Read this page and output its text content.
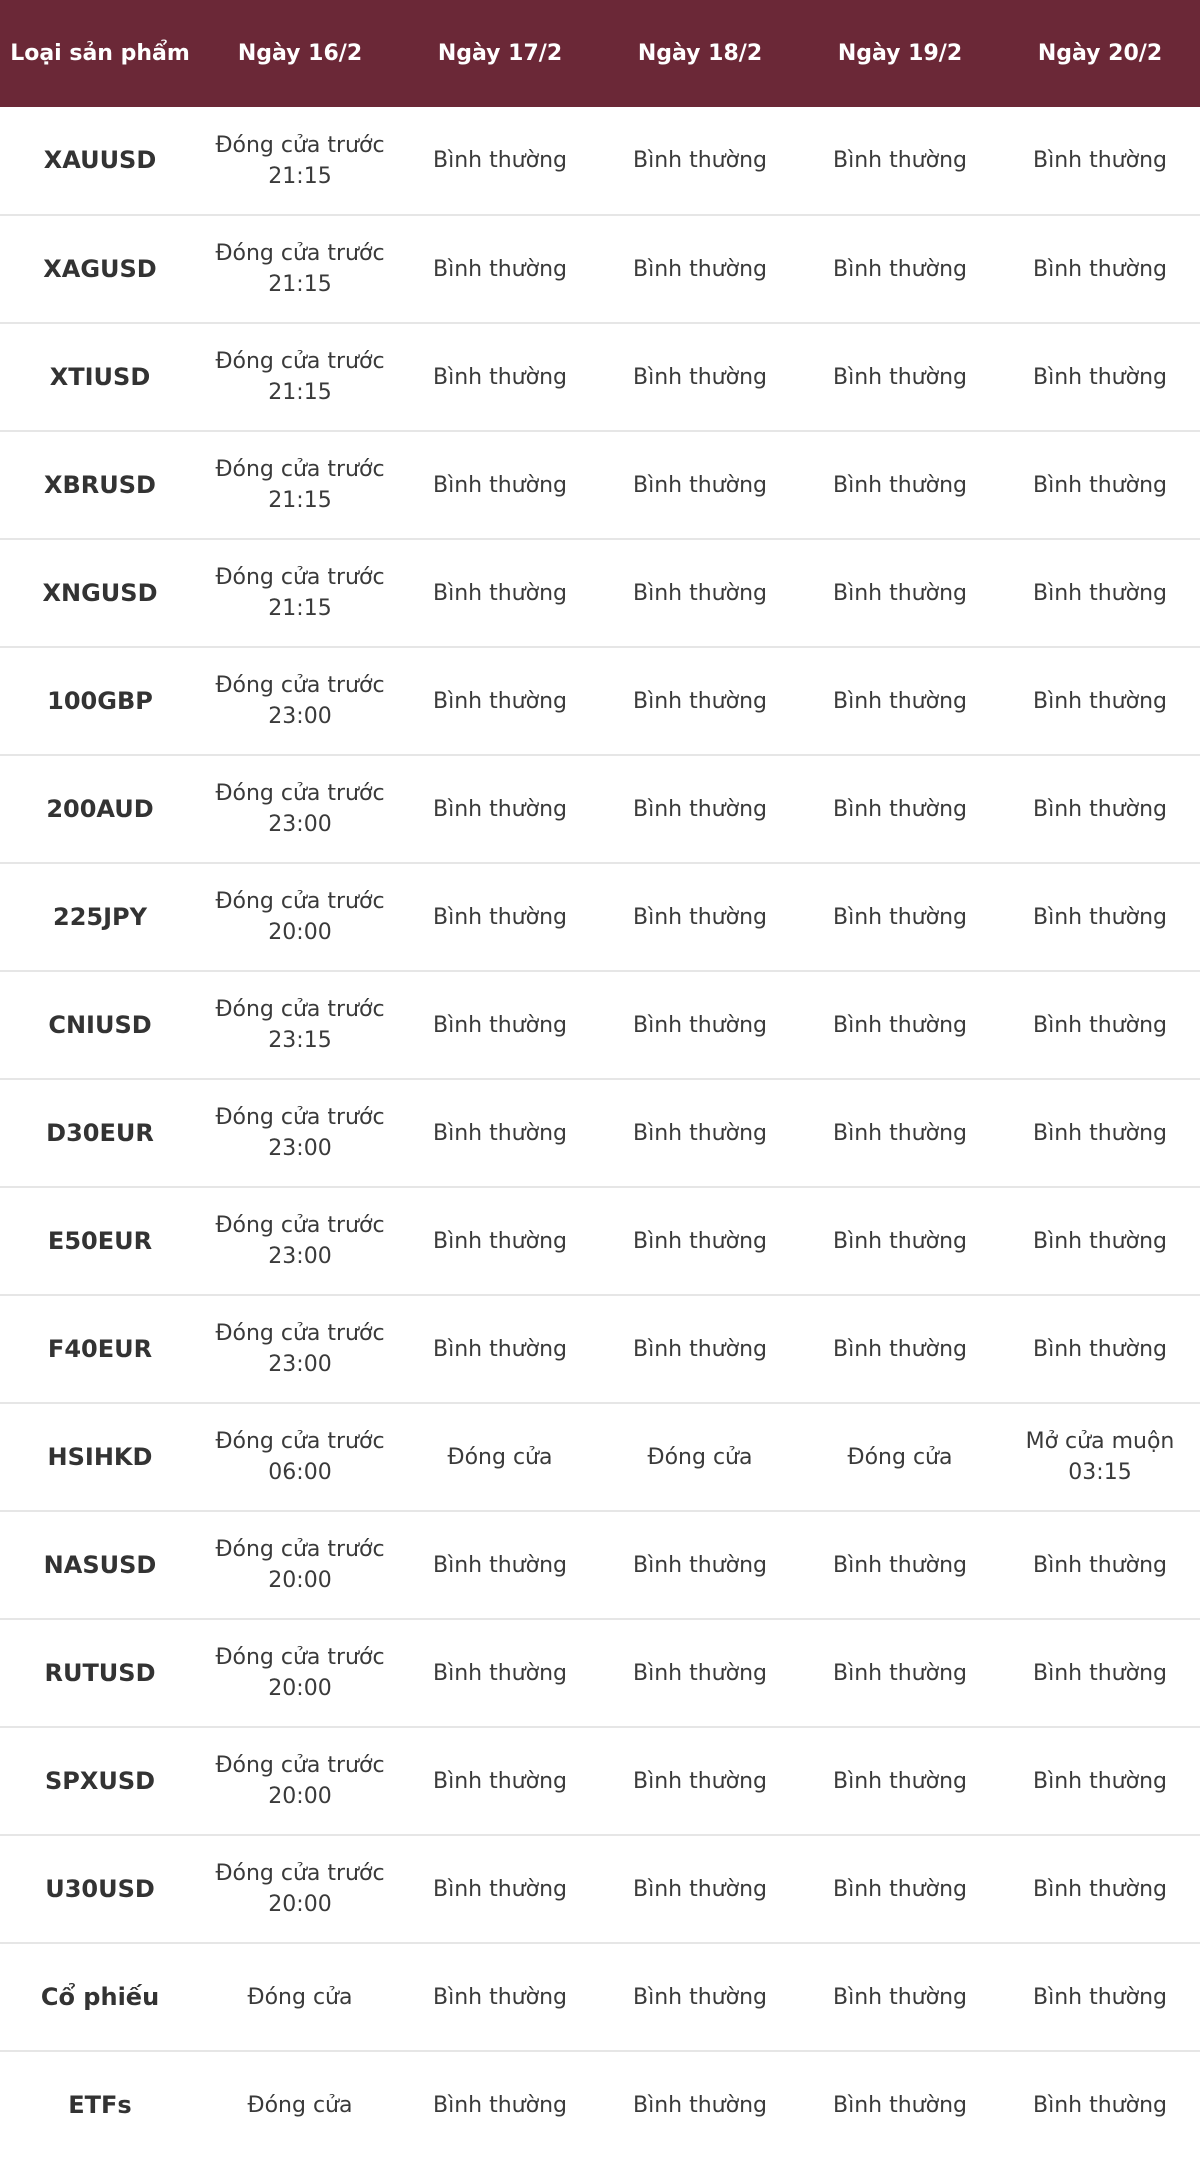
Loại sản phẩm	Ngày 16/2	Ngày 17/2	Ngày 18/2	Ngày 19/2	Ngày 20/2
XAUUSD	Đóng cửa trước 21:15	Bình thường	Bình thường	Bình thường	Bình thường
XAGUSD	Đóng cửa trước 21:15	Bình thường	Bình thường	Bình thường	Bình thường
XTIUSD	Đóng cửa trước 21:15	Bình thường	Bình thường	Bình thường	Bình thường
XBRUSD	Đóng cửa trước 21:15	Bình thường	Bình thường	Bình thường	Bình thường
XNGUSD	Đóng cửa trước 21:15	Bình thường	Bình thường	Bình thường	Bình thường
100GBP	Đóng cửa trước 23:00	Bình thường	Bình thường	Bình thường	Bình thường
200AUD	Đóng cửa trước 23:00	Bình thường	Bình thường	Bình thường	Bình thường
225JPY	Đóng cửa trước 20:00	Bình thường	Bình thường	Bình thường	Bình thường
CNIUSD	Đóng cửa trước 23:15	Bình thường	Bình thường	Bình thường	Bình thường
D30EUR	Đóng cửa trước 23:00	Bình thường	Bình thường	Bình thường	Bình thường
E50EUR	Đóng cửa trước 23:00	Bình thường	Bình thường	Bình thường	Bình thường
F40EUR	Đóng cửa trước 23:00	Bình thường	Bình thường	Bình thường	Bình thường
HSIHKD	Đóng cửa trước 06:00	Đóng cửa	Đóng cửa	Đóng cửa	Mở cửa muộn 03:15
NASUSD	Đóng cửa trước 20:00	Bình thường	Bình thường	Bình thường	Bình thường
RUTUSD	Đóng cửa trước 20:00	Bình thường	Bình thường	Bình thường	Bình thường
SPXUSD	Đóng cửa trước 20:00	Bình thường	Bình thường	Bình thường	Bình thường
U30USD	Đóng cửa trước 20:00	Bình thường	Bình thường	Bình thường	Bình thường
Cổ phiếu	Đóng cửa	Bình thường	Bình thường	Bình thường	Bình thường
ETFs	Đóng cửa	Bình thường	Bình thường	Bình thường	Bình thường
